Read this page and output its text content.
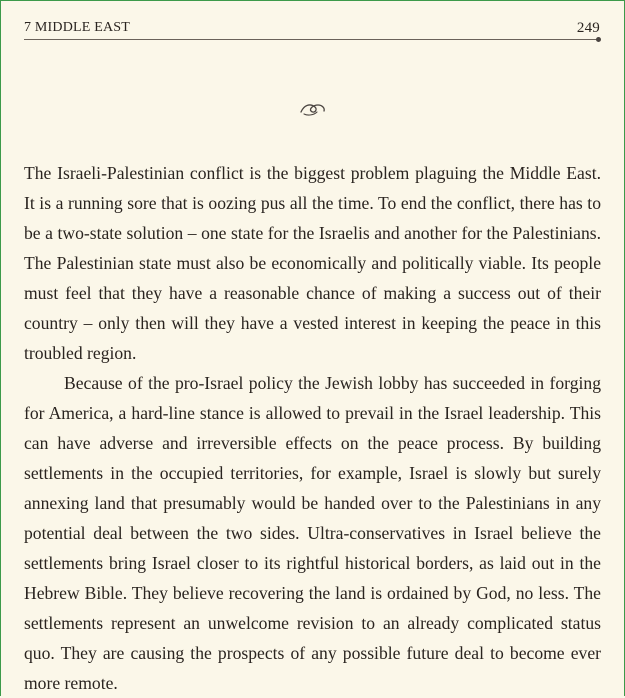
7 MIDDLE EAST	249

The Israeli-Palestinian conflict is the biggest problem plaguing the Middle East. It is a running sore that is oozing pus all the time. To end the conflict, there has to be a two-state solution – one state for the Israelis and another for the Palestinians. The Palestinian state must also be economically and politically viable. Its people must feel that they have a reasonable chance of making a success out of their country – only then will they have a vested interest in keeping the peace in this troubled region.

Because of the pro-Israel policy the Jewish lobby has succeeded in forging for America, a hard-line stance is allowed to prevail in the Israel leadership. This can have adverse and irreversible effects on the peace process. By building settlements in the occupied territories, for example, Israel is slowly but surely annexing land that presumably would be handed over to the Palestinians in any potential deal between the two sides. Ultra-conservatives in Israel believe the settlements bring Israel closer to its rightful historical borders, as laid out in the Hebrew Bible. They believe recovering the land is ordained by God, no less. The settlements represent an unwelcome revision to an already complicated status quo. They are causing the prospects of any possible future deal to become ever more remote.
